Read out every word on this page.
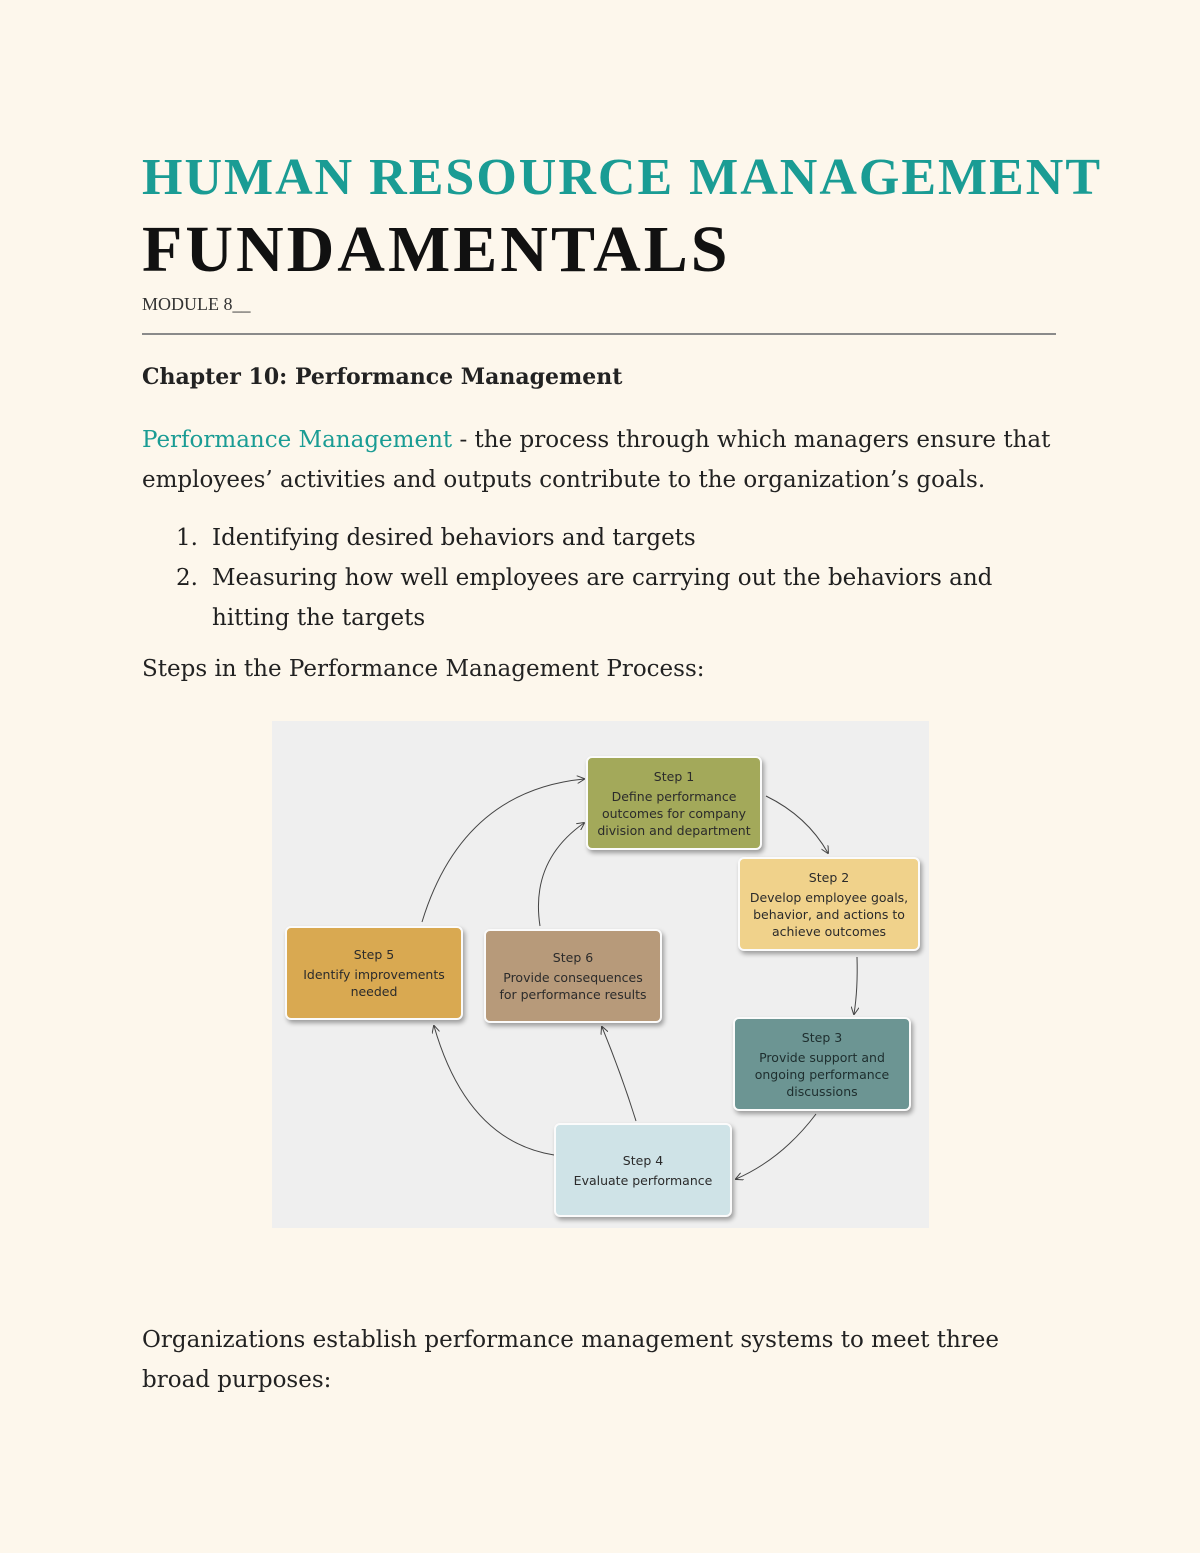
HUMAN RESOURCE MANAGEMENT
FUNDAMENTALS
MODULE 8__
Chapter 10: Performance Management
Performance Management - the process through which managers ensure that employees’ activities and outputs contribute to the organization’s goals.
1. Identifying desired behaviors and targets
2. Measuring how well employees are carrying out the behaviors and hitting the targets
Steps in the Performance Management Process:
Organizations establish performance management systems to meet three broad purposes:
Step 1
Define performance outcomes for company division and department
Step 2
Develop employee goals, behavior, and actions to achieve outcomes
Step 3
Provide support and ongoing performance discussions
Step 4
Evaluate performance
Step 5
Identify improvements needed
Step 6
Provide consequences for performance results
